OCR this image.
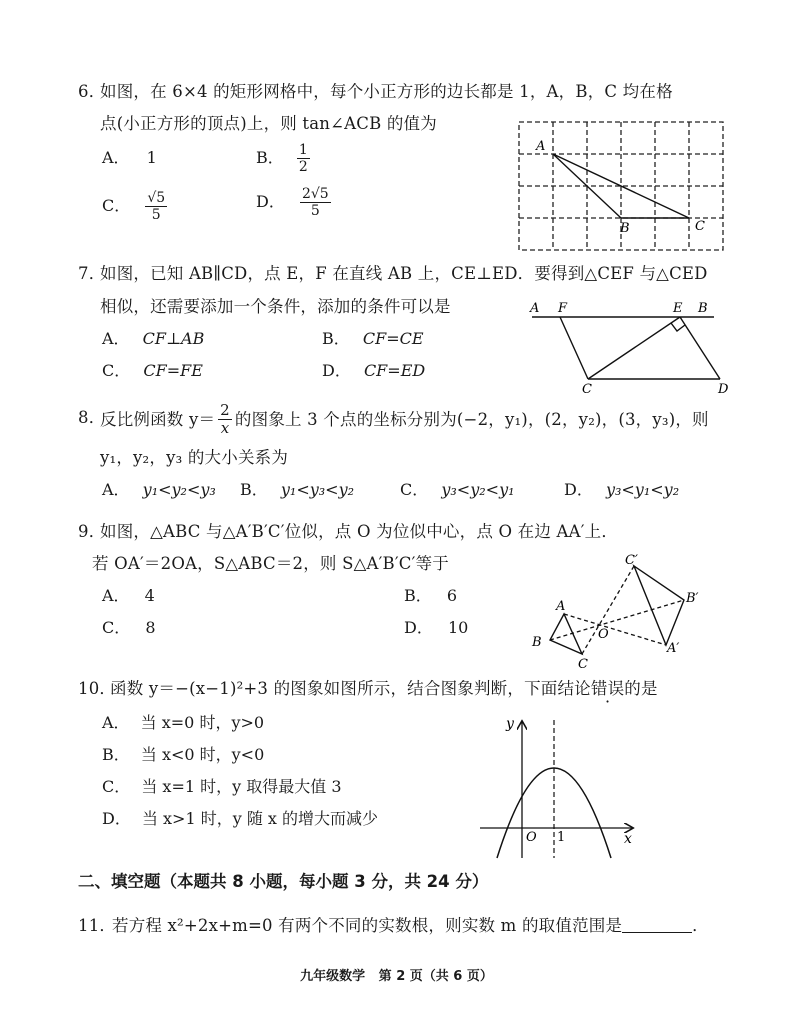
6．
如图，在 6×4 的矩形网格中，每个小正方形的边长都是 1，A，B，C 均在格
点(小正方形的顶点)上，则 tan∠ACB 的值为
A． 1	B． $\frac{1}{2}$
C． $\frac{√5}{5}$	D． $\frac{2√5}{5}$
A
B	C
7．
如图，已知 AB∥CD，点 E，F 在直线 AB 上，CE⊥ED．要得到△CEF 与△CED
相似，还需要添加一个条件，添加的条件可以是
A． CF⊥AB	B． CF=CE
C． CF=FE	D． CF=ED
A F	E B
C	D
8．
反比例函数 $y= \frac{2}{x}$ 的图象上 3 个点的坐标分别为(−2，y₁)，(2，y₂)，(3，y₃)，则
y₁，y₂，y₃ 的大小关系为
A． y₁<y₂<y₃ B． y₁<y₃<y₂	C． y₃<y₂<y₁	D． y₃<y₁<y₂
9．
如图，△ABC 与△A′B′C′位似，点 O 为位似中心，点 O 在边 AA′上．
若 OA′＝2OA，S△ABC＝2，则 S△A′B′C′等于
A． 4	B． 6
C． 8	D． 10
A
B
C
O
C′
B′
A′
10．
函数 y＝−(x−1)²+3 的图象如图所示，结合图象判断，下面结论错误的是
A． 当 x=0 时，y>0
B． 当 x<0 时，y<0
C． 当 x=1 时，y 取得最大值 3
D． 当 x>1 时，y 随 x 的增大而减少
y
x
O 1
二、填空题（本题共 8 小题，每小题 3 分，共 24 分）
11．
若方程 x²+2x+m=0 有两个不同的实数根，则实数 m 的取值范围是	．
九年级数学   第 2 页（共 6 页）
